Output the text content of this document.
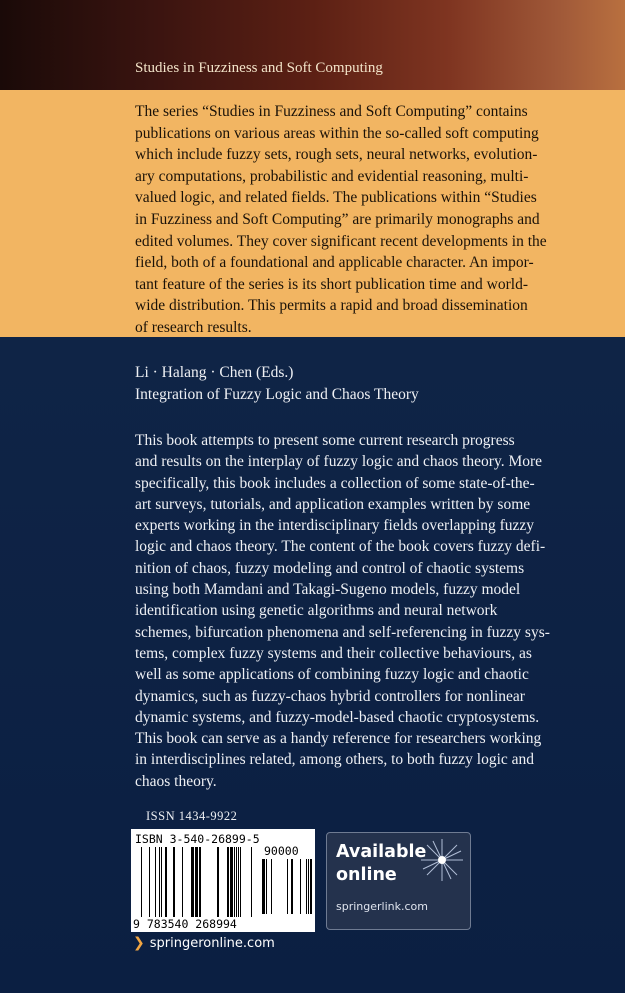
Studies in Fuzziness and Soft Computing

The series “Studies in Fuzziness and Soft Computing” contains
publications on various areas within the so-called soft computing
which include fuzzy sets, rough sets, neural networks, evolution-
ary computations, probabilistic and evidential reasoning, multi-
valued logic, and related fields. The publications within “Studies
in Fuzziness and Soft Computing” are primarily monographs and
edited volumes. They cover significant recent developments in the
field, both of a foundational and applicable character. An impor-
tant feature of the series is its short publication time and world-
wide distribution. This permits a rapid and broad dissemination
of research results.

Li · Halang · Chen (Eds.)

Integration of Fuzzy Logic and Chaos Theory

This book attempts to present some current research progress
and results on the interplay of fuzzy logic and chaos theory. More
specifically, this book includes a collection of some state-of-the-
art surveys, tutorials, and application examples written by some
experts working in the interdisciplinary fields overlapping fuzzy
logic and chaos theory. The content of the book covers fuzzy defi-
nition of chaos, fuzzy modeling and control of chaotic systems
using both Mamdani and Takagi-Sugeno models, fuzzy model
identification using genetic algorithms and neural network
schemes, bifurcation phenomena and self-referencing in fuzzy sys-
tems, complex fuzzy systems and their collective behaviours, as
well as some applications of combining fuzzy logic and chaotic
dynamics, such as fuzzy-chaos hybrid controllers for nonlinear
dynamic systems, and fuzzy-model-based chaotic cryptosystems.
This book can serve as a handy reference for researchers working
in interdisciplines related, among others, to both fuzzy logic and
chaos theory.

ISSN 1434-9922

ISBN 3-540-26899-5

90000

9 783540 268994

❯ springeronline.com

Available

online

springerlink.com
